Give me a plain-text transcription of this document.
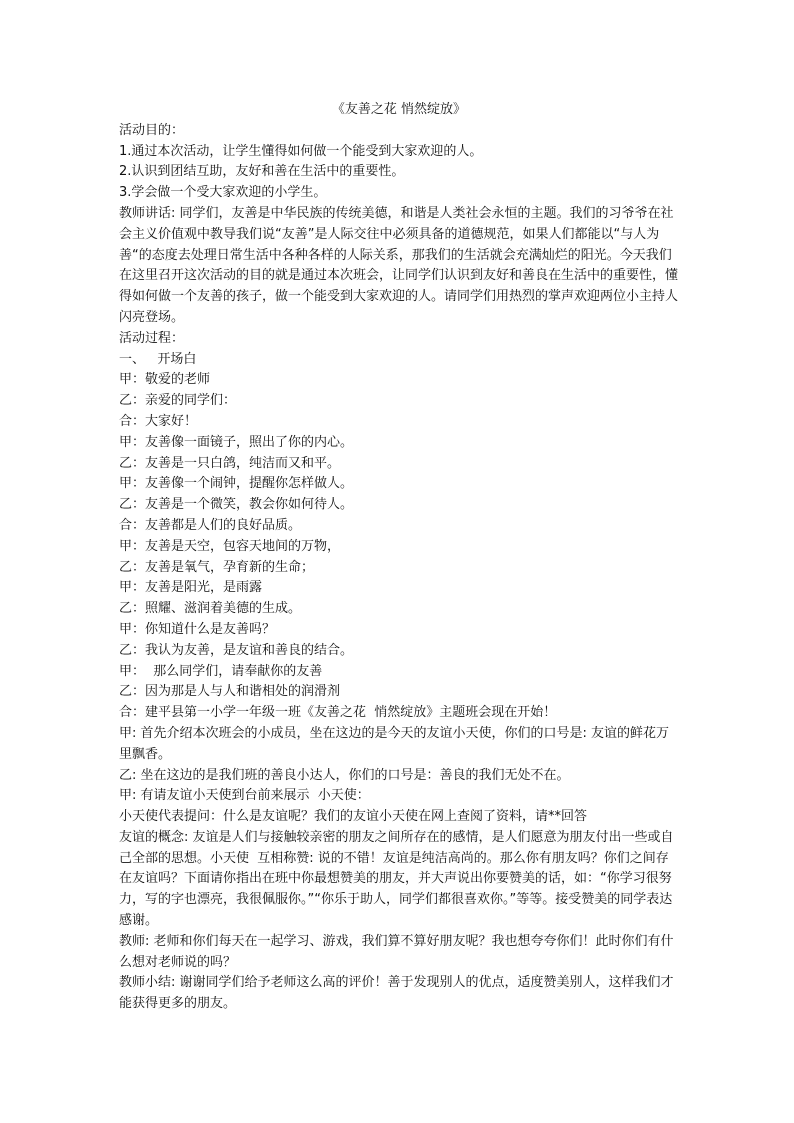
《友善之花 悄然绽放》

活动目的：

1.通过本次活动，让学生懂得如何做一个能受到大家欢迎的人。

2.认识到团结互助，友好和善在生活中的重要性。

3.学会做一个受大家欢迎的小学生。

教师讲话: 同学们，友善是中华民族的传统美德，和谐是人类社会永恒的主题。我们的习爷爷在社会主义价值观中教导我们说“友善”是人际交往中必须具备的道德规范，如果人们都能以“与人为善“的态度去处理日常生活中各种各样的人际关系，那我们的生活就会充满灿烂的阳光。今天我们在这里召开这次活动的目的就是通过本次班会，让同学们认识到友好和善良在生活中的重要性，懂得如何做一个友善的孩子，做一个能受到大家欢迎的人。请同学们用热烈的掌声欢迎两位小主持人闪亮登场。

活动过程：

一、   开场白

甲：敬爱的老师

乙：亲爱的同学们：

合：大家好！

甲：友善像一面镜子，照出了你的内心。

乙：友善是一只白鸽，纯洁而又和平。

甲：友善像一个闹钟，提醒你怎样做人。

乙：友善是一个微笑，教会你如何待人。

合：友善都是人们的良好品质。

甲：友善是天空，包容天地间的万物，

乙：友善是氧气，孕育新的生命；

甲：友善是阳光，是雨露

乙：照耀、滋润着美德的生成。

甲：你知道什么是友善吗？

乙：我认为友善，是友谊和善良的结合。

甲：  那么同学们，请奉献你的友善

乙：因为那是人与人和谐相处的润滑剂

合：建平县第一小学一年级一班《友善之花  悄然绽放》主题班会现在开始！

甲: 首先介绍本次班会的小成员，坐在这边的是今天的友谊小天使，你们的口号是: 友谊的鲜花万里飘香。

乙: 坐在这边的是我们班的善良小达人，你们的口号是：善良的我们无处不在。

甲: 有请友谊小天使到台前来展示  小天使：

小天使代表提问：什么是友谊呢？我们的友谊小天使在网上查阅了资料，请**回答

友谊的概念: 友谊是人们与接触较亲密的朋友之间所存在的感情，是人们愿意为朋友付出一些或自己全部的思想。小天使  互相称赞: 说的不错！友谊是纯洁高尚的。那么你有朋友吗？你们之间存在友谊吗？下面请你指出在班中你最想赞美的朋友，并大声说出你要赞美的话，如：“你学习很努力，写的字也漂亮，我很佩服你。”“你乐于助人，同学们都很喜欢你。”等等。接受赞美的同学表达感谢。

教师: 老师和你们每天在一起学习、游戏，我们算不算好朋友呢？我也想夸夸你们！此时你们有什么想对老师说的吗？

教师小结: 谢谢同学们给予老师这么高的评价！善于发现别人的优点，适度赞美别人，这样我们才能获得更多的朋友。
